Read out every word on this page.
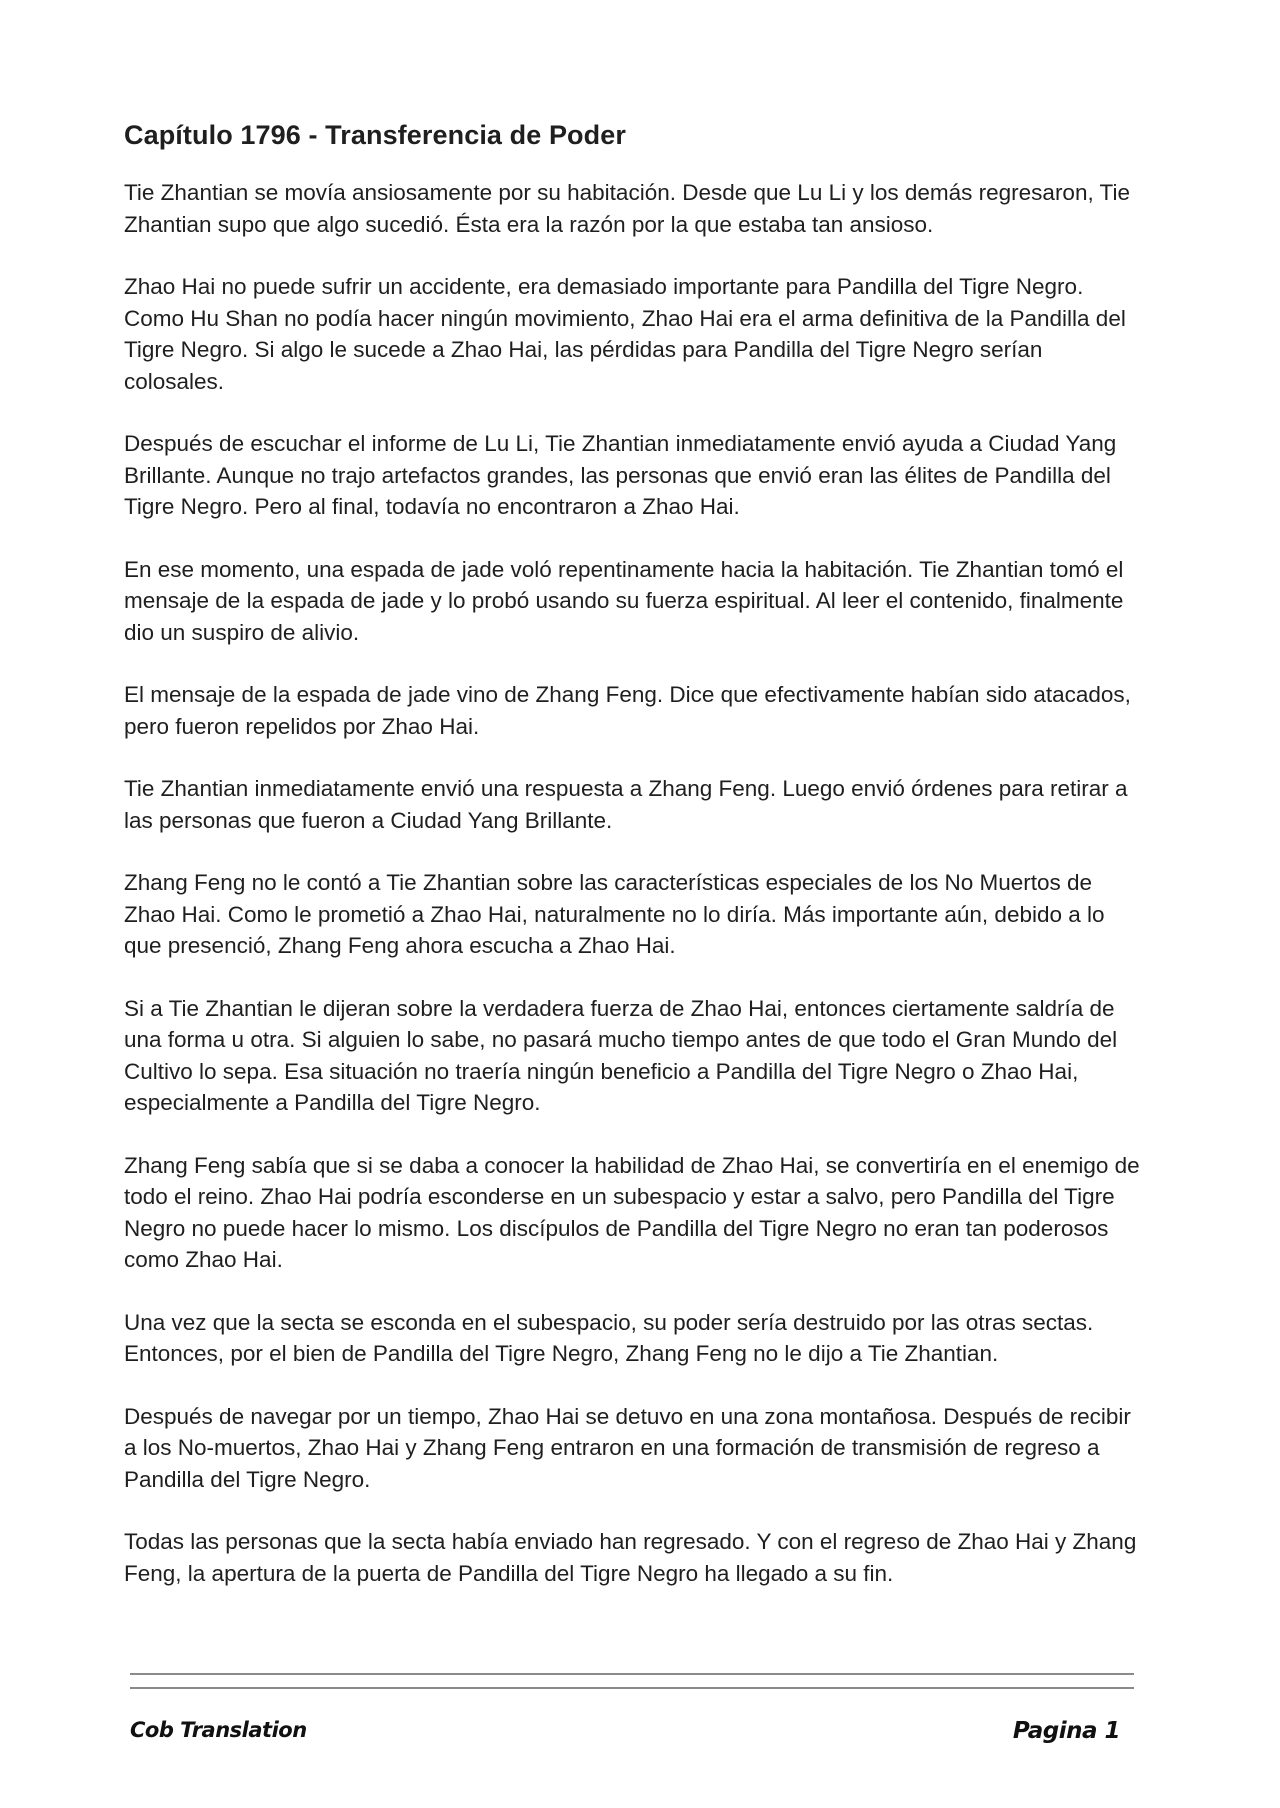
Capítulo 1796 - Transferencia de Poder

Tie Zhantian se movía ansiosamente por su habitación. Desde que Lu Li y los demás regresaron, Tie Zhantian supo que algo sucedió. Ésta era la razón por la que estaba tan ansioso.

Zhao Hai no puede sufrir un accidente, era demasiado importante para Pandilla del Tigre Negro. Como Hu Shan no podía hacer ningún movimiento, Zhao Hai era el arma definitiva de la Pandilla del Tigre Negro. Si algo le sucede a Zhao Hai, las pérdidas para Pandilla del Tigre Negro serían colosales.

Después de escuchar el informe de Lu Li, Tie Zhantian inmediatamente envió ayuda a Ciudad Yang Brillante. Aunque no trajo artefactos grandes, las personas que envió eran las élites de Pandilla del Tigre Negro. Pero al final, todavía no encontraron a Zhao Hai.

En ese momento, una espada de jade voló repentinamente hacia la habitación. Tie Zhantian tomó el mensaje de la espada de jade y lo probó usando su fuerza espiritual. Al leer el contenido, finalmente dio un suspiro de alivio.

El mensaje de la espada de jade vino de Zhang Feng. Dice que efectivamente habían sido atacados, pero fueron repelidos por Zhao Hai.

Tie Zhantian inmediatamente envió una respuesta a Zhang Feng. Luego envió órdenes para retirar a las personas que fueron a Ciudad Yang Brillante.

Zhang Feng no le contó a Tie Zhantian sobre las características especiales de los No Muertos de Zhao Hai. Como le prometió a Zhao Hai, naturalmente no lo diría. Más importante aún, debido a lo que presenció, Zhang Feng ahora escucha a Zhao Hai.

Si a Tie Zhantian le dijeran sobre la verdadera fuerza de Zhao Hai, entonces ciertamente saldría de una forma u otra. Si alguien lo sabe, no pasará mucho tiempo antes de que todo el Gran Mundo del Cultivo lo sepa. Esa situación no traería ningún beneficio a Pandilla del Tigre Negro o Zhao Hai, especialmente a Pandilla del Tigre Negro.

Zhang Feng sabía que si se daba a conocer la habilidad de Zhao Hai, se convertiría en el enemigo de todo el reino. Zhao Hai podría esconderse en un subespacio y estar a salvo, pero Pandilla del Tigre Negro no puede hacer lo mismo. Los discípulos de Pandilla del Tigre Negro no eran tan poderosos como Zhao Hai.

Una vez que la secta se esconda en el subespacio, su poder sería destruido por las otras sectas. Entonces, por el bien de Pandilla del Tigre Negro, Zhang Feng no le dijo a Tie Zhantian.

Después de navegar por un tiempo, Zhao Hai se detuvo en una zona montañosa. Después de recibir a los No-muertos, Zhao Hai y Zhang Feng entraron en una formación de transmisión de regreso a Pandilla del Tigre Negro.

Todas las personas que la secta había enviado han regresado. Y con el regreso de Zhao Hai y Zhang Feng, la apertura de la puerta de Pandilla del Tigre Negro ha llegado a su fin.

Cob Translation	Pagina 1
